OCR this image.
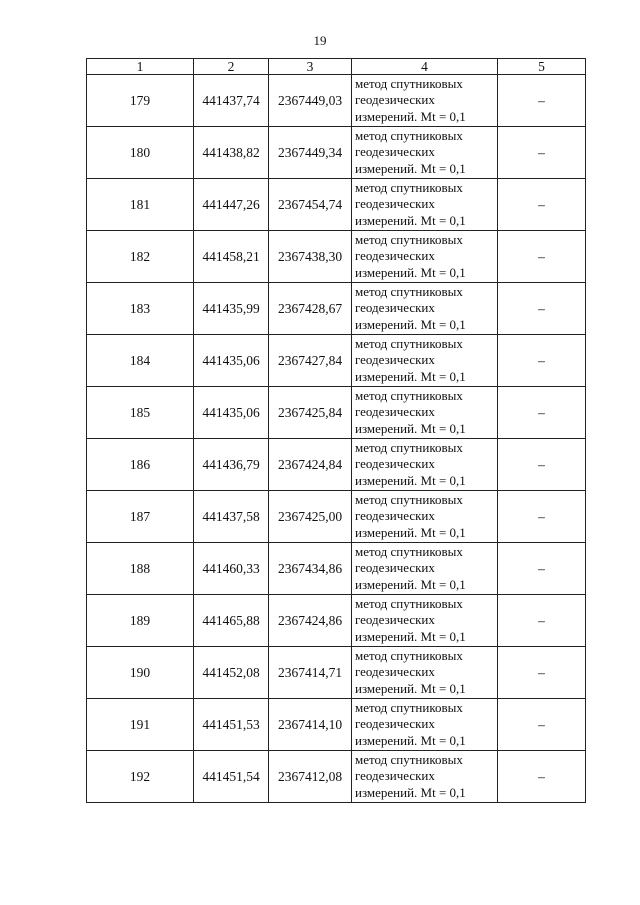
19
1	2	3	4	5
179	441437,74	2367449,03	метод спутниковых
геодезических
измерений. Mt = 0,1	–
180	441438,82	2367449,34	метод спутниковых
геодезических
измерений. Mt = 0,1	–
181	441447,26	2367454,74	метод спутниковых
геодезических
измерений. Mt = 0,1	–
182	441458,21	2367438,30	метод спутниковых
геодезических
измерений. Mt = 0,1	–
183	441435,99	2367428,67	метод спутниковых
геодезических
измерений. Mt = 0,1	–
184	441435,06	2367427,84	метод спутниковых
геодезических
измерений. Mt = 0,1	–
185	441435,06	2367425,84	метод спутниковых
геодезических
измерений. Mt = 0,1	–
186	441436,79	2367424,84	метод спутниковых
геодезических
измерений. Mt = 0,1	–
187	441437,58	2367425,00	метод спутниковых
геодезических
измерений. Mt = 0,1	–
188	441460,33	2367434,86	метод спутниковых
геодезических
измерений. Mt = 0,1	–
189	441465,88	2367424,86	метод спутниковых
геодезических
измерений. Mt = 0,1	–
190	441452,08	2367414,71	метод спутниковых
геодезических
измерений. Mt = 0,1	–
191	441451,53	2367414,10	метод спутниковых
геодезических
измерений. Mt = 0,1	–
192	441451,54	2367412,08	метод спутниковых
геодезических
измерений. Mt = 0,1	–
